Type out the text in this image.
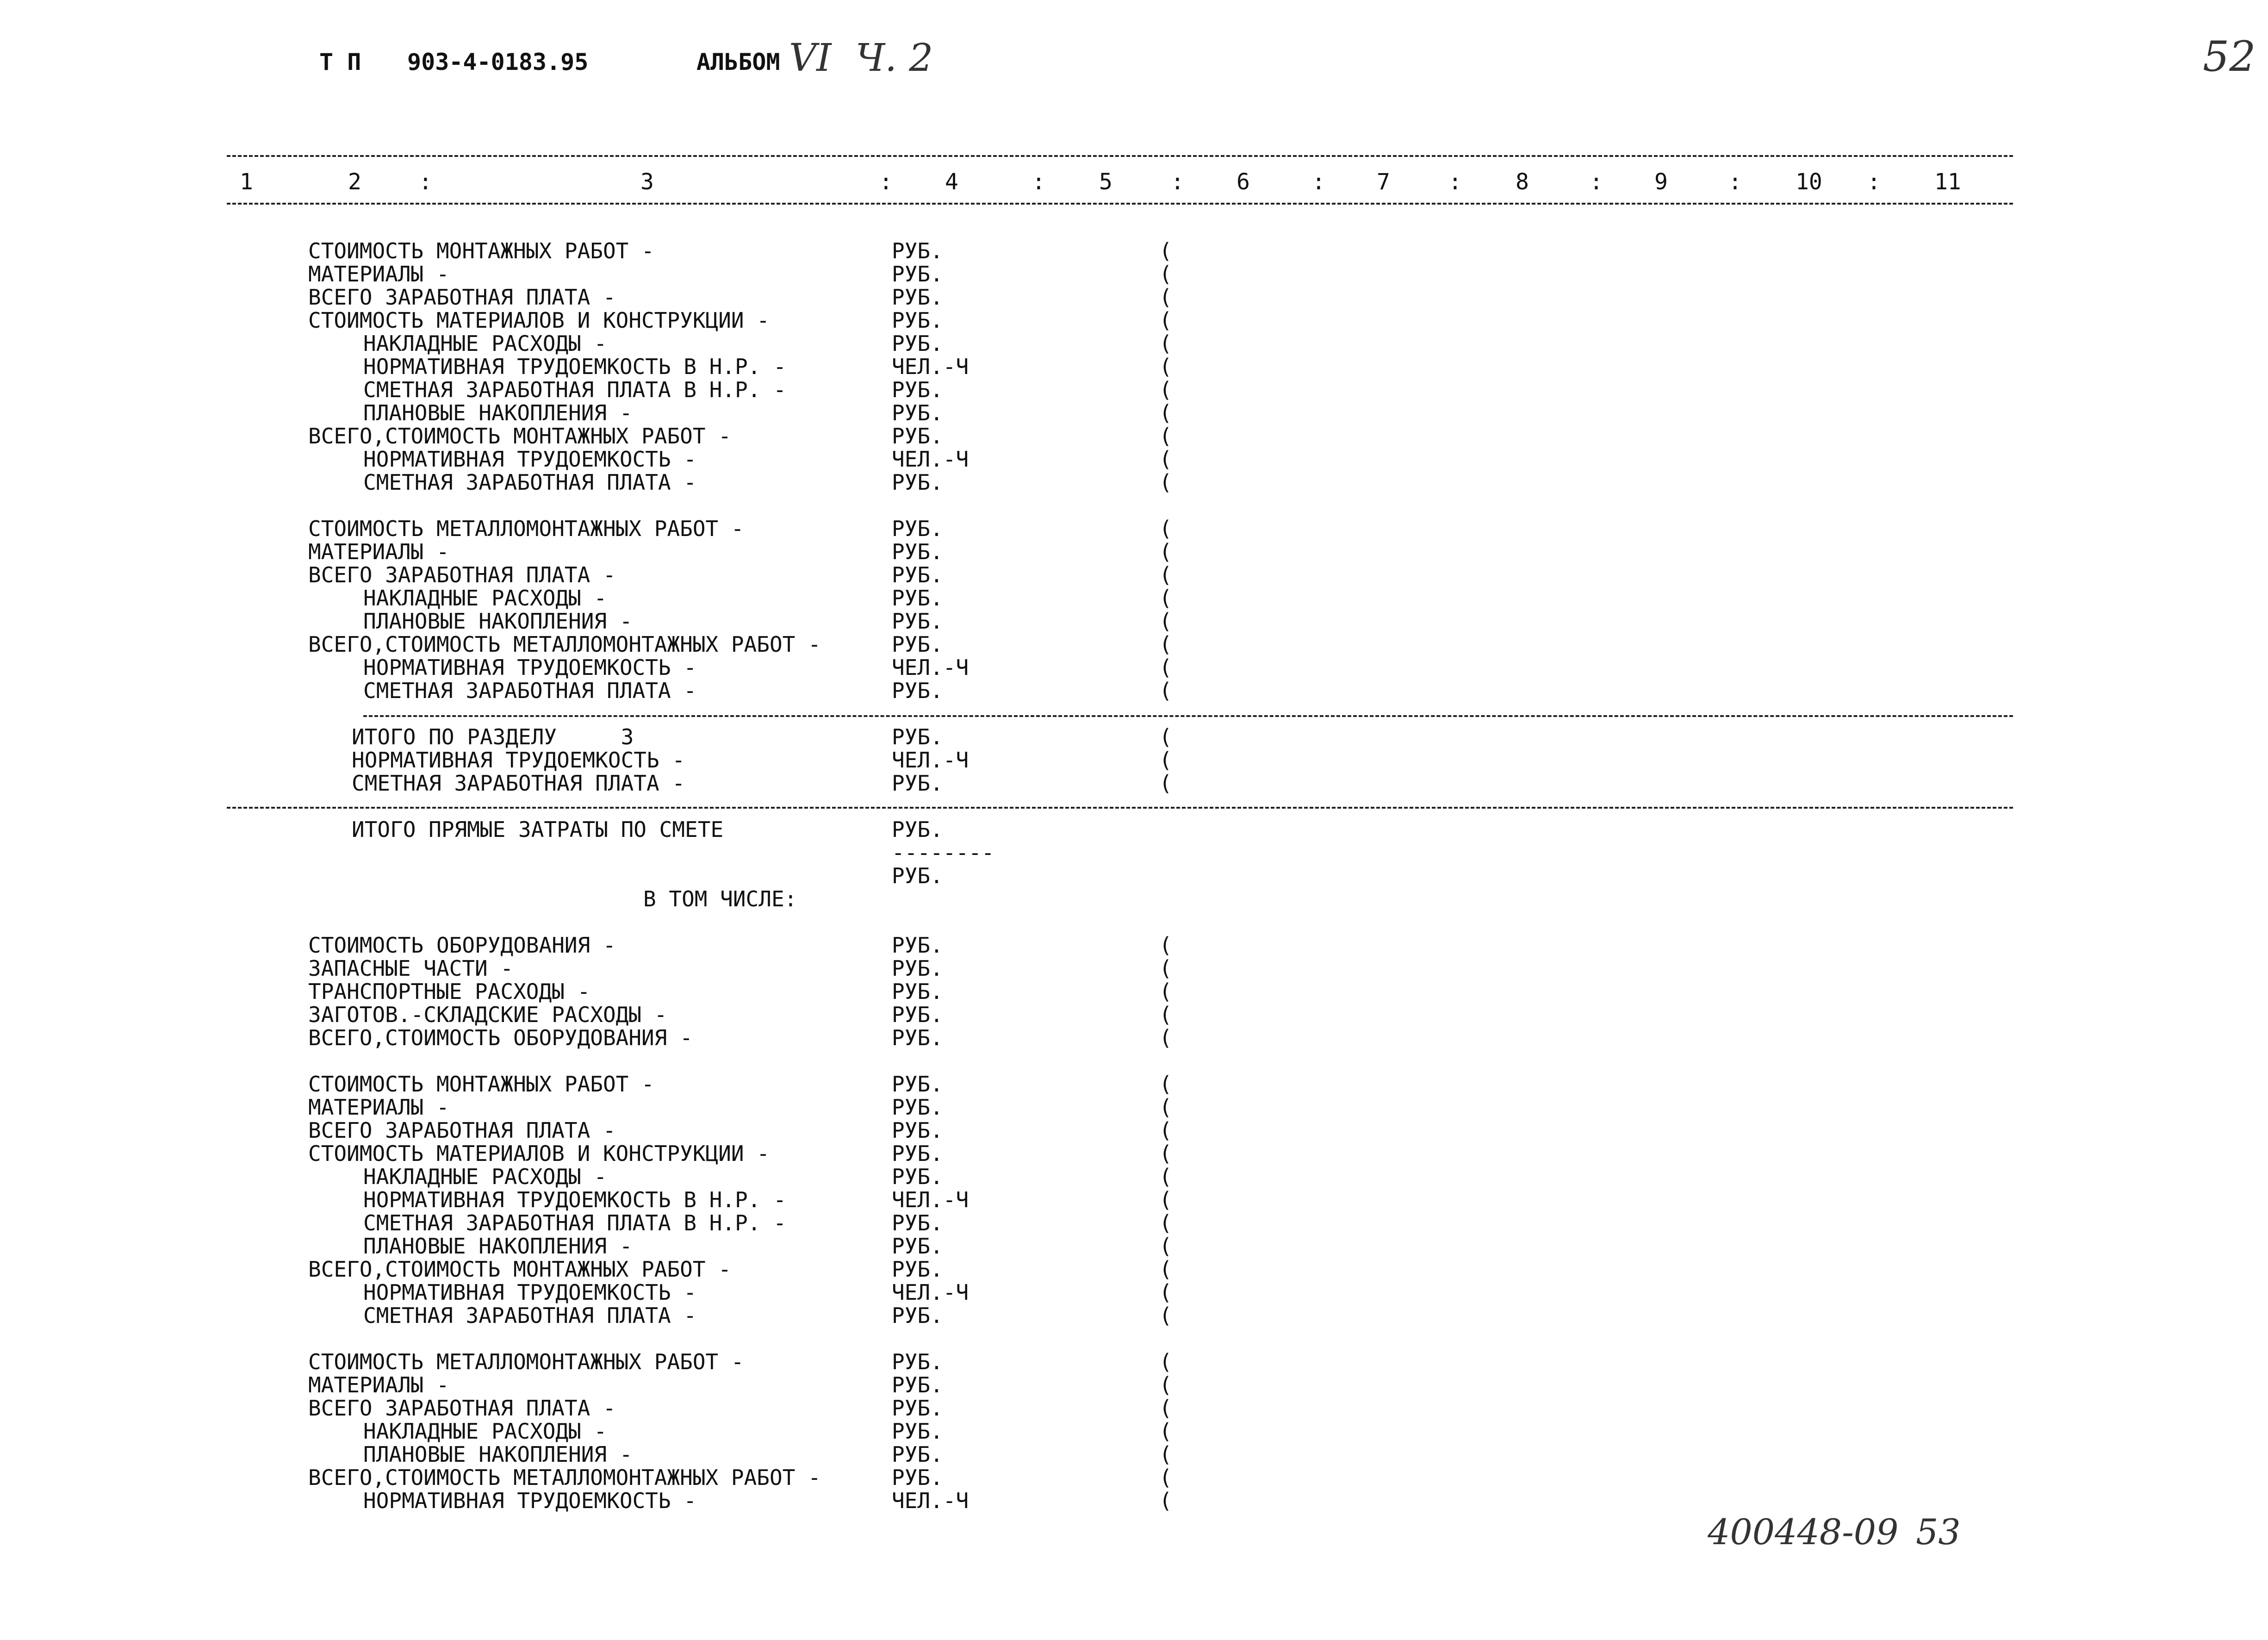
Т П 903-4-0183.95	АЛЬБОМ VI  Ч. 2	52
1	2	:	3	: 4	: 5	: 6	: 7	: 8	: 9	: 10 : 11
СТОИМОСТЬ МОНТАЖНЫХ РАБОТ -	РУБ.	(
МАТЕРИАЛЫ -	РУБ.	(
ВСЕГО ЗАРАБОТНАЯ ПЛАТА -	РУБ.	(
СТОИМОСТЬ МАТЕРИАЛОВ И КОНСТРУКЦИИ -	РУБ.	(
НАКЛАДНЫЕ РАСХОДЫ -	РУБ.	(
НОРМАТИВНАЯ ТРУДОЕМКОСТЬ В Н.Р. -	ЧЕЛ.-Ч	(
СМЕТНАЯ ЗАРАБОТНАЯ ПЛАТА В Н.Р. -	РУБ.	(
ПЛАНОВЫЕ НАКОПЛЕНИЯ -	РУБ.	(
ВСЕГО,СТОИМОСТЬ МОНТАЖНЫХ РАБОТ -	РУБ.	(
НОРМАТИВНАЯ ТРУДОЕМКОСТЬ -	ЧЕЛ.-Ч	(
СМЕТНАЯ ЗАРАБОТНАЯ ПЛАТА -	РУБ.	(
СТОИМОСТЬ МЕТАЛЛОМОНТАЖНЫХ РАБОТ -	РУБ.	(
МАТЕРИАЛЫ -	РУБ.	(
ВСЕГО ЗАРАБОТНАЯ ПЛАТА -	РУБ.	(
НАКЛАДНЫЕ РАСХОДЫ -	РУБ.	(
ПЛАНОВЫЕ НАКОПЛЕНИЯ -	РУБ.	(
ВСЕГО,СТОИМОСТЬ МЕТАЛЛОМОНТАЖНЫХ РАБОТ -	РУБ.	(
НОРМАТИВНАЯ ТРУДОЕМКОСТЬ -	ЧЕЛ.-Ч	(
СМЕТНАЯ ЗАРАБОТНАЯ ПЛАТА -	РУБ.	(
ИТОГО ПО РАЗДЕЛУ     3	РУБ.	(
НОРМАТИВНАЯ ТРУДОЕМКОСТЬ -	ЧЕЛ.-Ч	(
СМЕТНАЯ ЗАРАБОТНАЯ ПЛАТА -	РУБ.	(
ИТОГО ПРЯМЫЕ ЗАТРАТЫ ПО СМЕТЕ	РУБ.
--------
РУБ.
В ТОМ ЧИСЛЕ:
СТОИМОСТЬ ОБОРУДОВАНИЯ -	РУБ.	(
ЗАПАСНЫЕ ЧАСТИ -	РУБ.	(
ТРАНСПОРТНЫЕ РАСХОДЫ -	РУБ.	(
ЗАГОТОВ.-СКЛАДСКИЕ РАСХОДЫ -	РУБ.	(
ВСЕГО,СТОИМОСТЬ ОБОРУДОВАНИЯ -	РУБ.	(
СТОИМОСТЬ МОНТАЖНЫХ РАБОТ -	РУБ.	(
МАТЕРИАЛЫ -	РУБ.	(
ВСЕГО ЗАРАБОТНАЯ ПЛАТА -	РУБ.	(
СТОИМОСТЬ МАТЕРИАЛОВ И КОНСТРУКЦИИ -	РУБ.	(
НАКЛАДНЫЕ РАСХОДЫ -	РУБ.	(
НОРМАТИВНАЯ ТРУДОЕМКОСТЬ В Н.Р. -	ЧЕЛ.-Ч	(
СМЕТНАЯ ЗАРАБОТНАЯ ПЛАТА В Н.Р. -	РУБ.	(
ПЛАНОВЫЕ НАКОПЛЕНИЯ -	РУБ.	(
ВСЕГО,СТОИМОСТЬ МОНТАЖНЫХ РАБОТ -	РУБ.	(
НОРМАТИВНАЯ ТРУДОЕМКОСТЬ -	ЧЕЛ.-Ч	(
СМЕТНАЯ ЗАРАБОТНАЯ ПЛАТА -	РУБ.	(
СТОИМОСТЬ МЕТАЛЛОМОНТАЖНЫХ РАБОТ -	РУБ.	(
МАТЕРИАЛЫ -	РУБ.	(
ВСЕГО ЗАРАБОТНАЯ ПЛАТА -	РУБ.	(
НАКЛАДНЫЕ РАСХОДЫ -	РУБ.	(
ПЛАНОВЫЕ НАКОПЛЕНИЯ -	РУБ.	(
ВСЕГО,СТОИМОСТЬ МЕТАЛЛОМОНТАЖНЫХ РАБОТ -	РУБ.	(
НОРМАТИВНАЯ ТРУДОЕМКОСТЬ -	ЧЕЛ.-Ч	(
400448-09 53
